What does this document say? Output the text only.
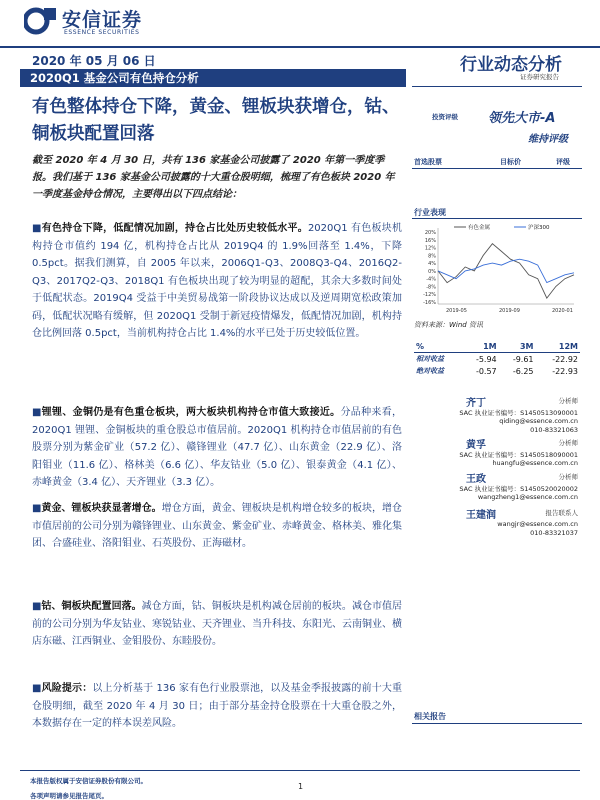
安信证券
ESSENCE SECURITIES
2020 年 05 月 06 日
2020Q1 基金公司有色持仓分析
行业动态分析
证券研究报告
有色整体持仓下降，黄金、锂板块获增仓，钴、铜板块配置回落
截至 2020 年 4 月 30 日，共有 136 家基金公司披露了 2020 年第一季度季报。我们基于 136 家基金公司披露的十大重仓股明细，梳理了有色板块 2020 年一季度基金持仓情况，主要得出以下四点结论：
■有色持仓下降，低配情况加剧，持仓占比处历史较低水平。2020Q1 有色板块机构持仓市值约 194 亿，机构持仓占比从 2019Q4 的 1.9%回落至 1.4%，下降 0.5pct。据我们测算，自 2005 年以来，2006Q1-Q3、2008Q3-Q4、2016Q2-Q3、2017Q2-Q3、2018Q1 有色板块出现了较为明显的超配，其余大多数时间处于低配状态。2019Q4 受益于中美贸易战第一阶段协议达成以及逆周期宽松政策加码，低配状况略有缓解，但 2020Q1 受制于新冠疫情爆发，低配情况加剧，机构持仓比例回落 0.5pct，当前机构持仓占比 1.4%的水平已处于历史较低位置。
■锂锂、金铜仍是有色重仓板块，两大板块机构持仓市值大致接近。分品种来看，2020Q1 锂锂、金铜板块的重仓股总市值居前。2020Q1 机构持仓市值居前的有色股票分别为紫金矿业（57.2 亿）、赣锋锂业（47.7 亿）、山东黄金（22.9 亿）、洛阳钼业（11.6 亿）、格林美（6.6 亿）、华友钴业（5.0 亿）、银泰黄金（4.1 亿）、赤峰黄金（3.4 亿）、天齐锂业（3.3 亿）。
■黄金、锂板块获显著增仓。增仓方面，黄金、锂板块是机构增仓较多的板块，增仓市值居前的公司分别为赣锋锂业、山东黄金、紫金矿业、赤峰黄金、格林美、雅化集团、合盛硅业、洛阳钼业、石英股份、正海磁材。
■钴、铜板块配置回落。减仓方面，钴、铜板块是机构减仓居前的板块。减仓市值居前的公司分别为华友钴业、寒锐钴业、天齐锂业、当升科技、东阳光、云南铜业、横店东磁、江西铜业、金钼股份、东睦股份。
■风险提示：以上分析基于 136 家有色行业股票池，以及基金季报披露的前十大重仓股明细，截至 2020 年 4 月 30 日；由于部分基金持仓股票在十大重仓股之外，本数据存在一定的样本误差风险。
投资评级 领先大市-A
维持评级
首选股票	目标价	评级
行业表现
20%
16%
12%
8%
4%
0%
-4%
-8%
-12%
-16%
2019-05	2019-09	2020-01
有色金属	沪深300
资料来源：Wind 资讯
%	1M	3M	12M
相对收益	-5.94	-9.61	-22.92
绝对收益	-0.57	-6.25	-22.93
齐丁	分析师
SAC 执业证书编号：S1450513090001
qiding@essence.com.cn
010-83321063
黄孚	分析师
SAC 执业证书编号：S1450518090001
huangfu@essence.com.cn
王政	分析师
SAC 执业证书编号：S1450520020002
wangzheng1@essence.com.cn
王建润	报告联系人
wangjr@essence.com.cn
010-83321037
相关报告
本报告版权属于安信证券股份有限公司。
1
各项声明请参见报告尾页。
